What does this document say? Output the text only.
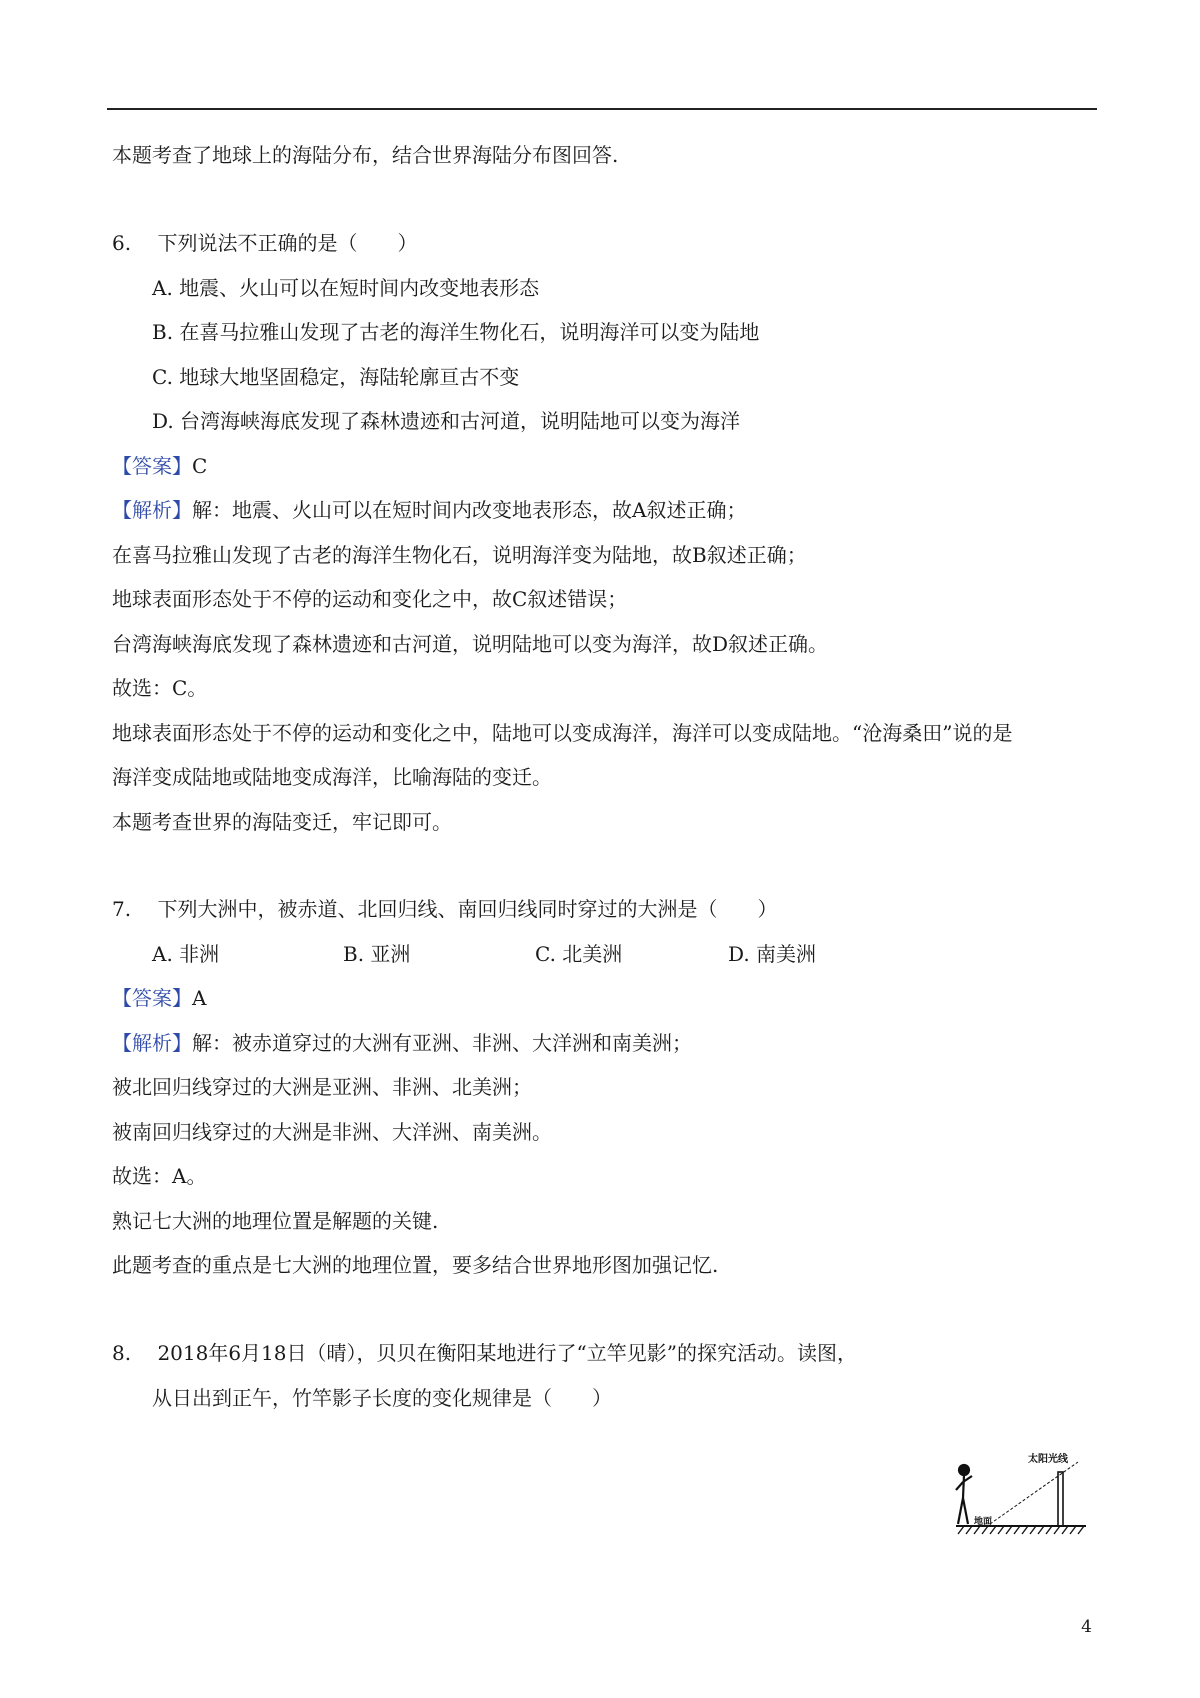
本题考查了地球上的海陆分布，结合世界海陆分布图回答.
6.　 下列说法不正确的是（　　）
A. 地震、火山可以在短时间内改变地表形态
B. 在喜马拉雅山发现了古老的海洋生物化石，说明海洋可以变为陆地
C. 地球大地坚固稳定，海陆轮廓亘古不变
D. 台湾海峡海底发现了森林遗迹和古河道，说明陆地可以变为海洋
【答案】C
【解析】解：地震、火山可以在短时间内改变地表形态，故A叙述正确；
在喜马拉雅山发现了古老的海洋生物化石，说明海洋变为陆地，故B叙述正确；
地球表面形态处于不停的运动和变化之中，故C叙述错误；
台湾海峡海底发现了森林遗迹和古河道，说明陆地可以变为海洋，故D叙述正确。
故选：C。
地球表面形态处于不停的运动和变化之中，陆地可以变成海洋，海洋可以变成陆地。“沧海桑田”说的是
海洋变成陆地或陆地变成海洋，比喻海陆的变迁。
本题考查世界的海陆变迁，牢记即可。
7.　 下列大洲中，被赤道、北回归线、南回归线同时穿过的大洲是（　　）
A. 非洲	B. 亚洲	C. 北美洲	D. 南美洲
【答案】A
【解析】解：被赤道穿过的大洲有亚洲、非洲、大洋洲和南美洲；
被北回归线穿过的大洲是亚洲、非洲、北美洲；
被南回归线穿过的大洲是非洲、大洋洲、南美洲。
故选：A。
熟记七大洲的地理位置是解题的关键.
此题考查的重点是七大洲的地理位置，要多结合世界地形图加强记忆.
8.　 2018年6月18日（晴），贝贝在衡阳某地进行了“立竿见影”的探究活动。读图，
从日出到正午，竹竿影子长度的变化规律是（　　）
太阳光线
地面
4
